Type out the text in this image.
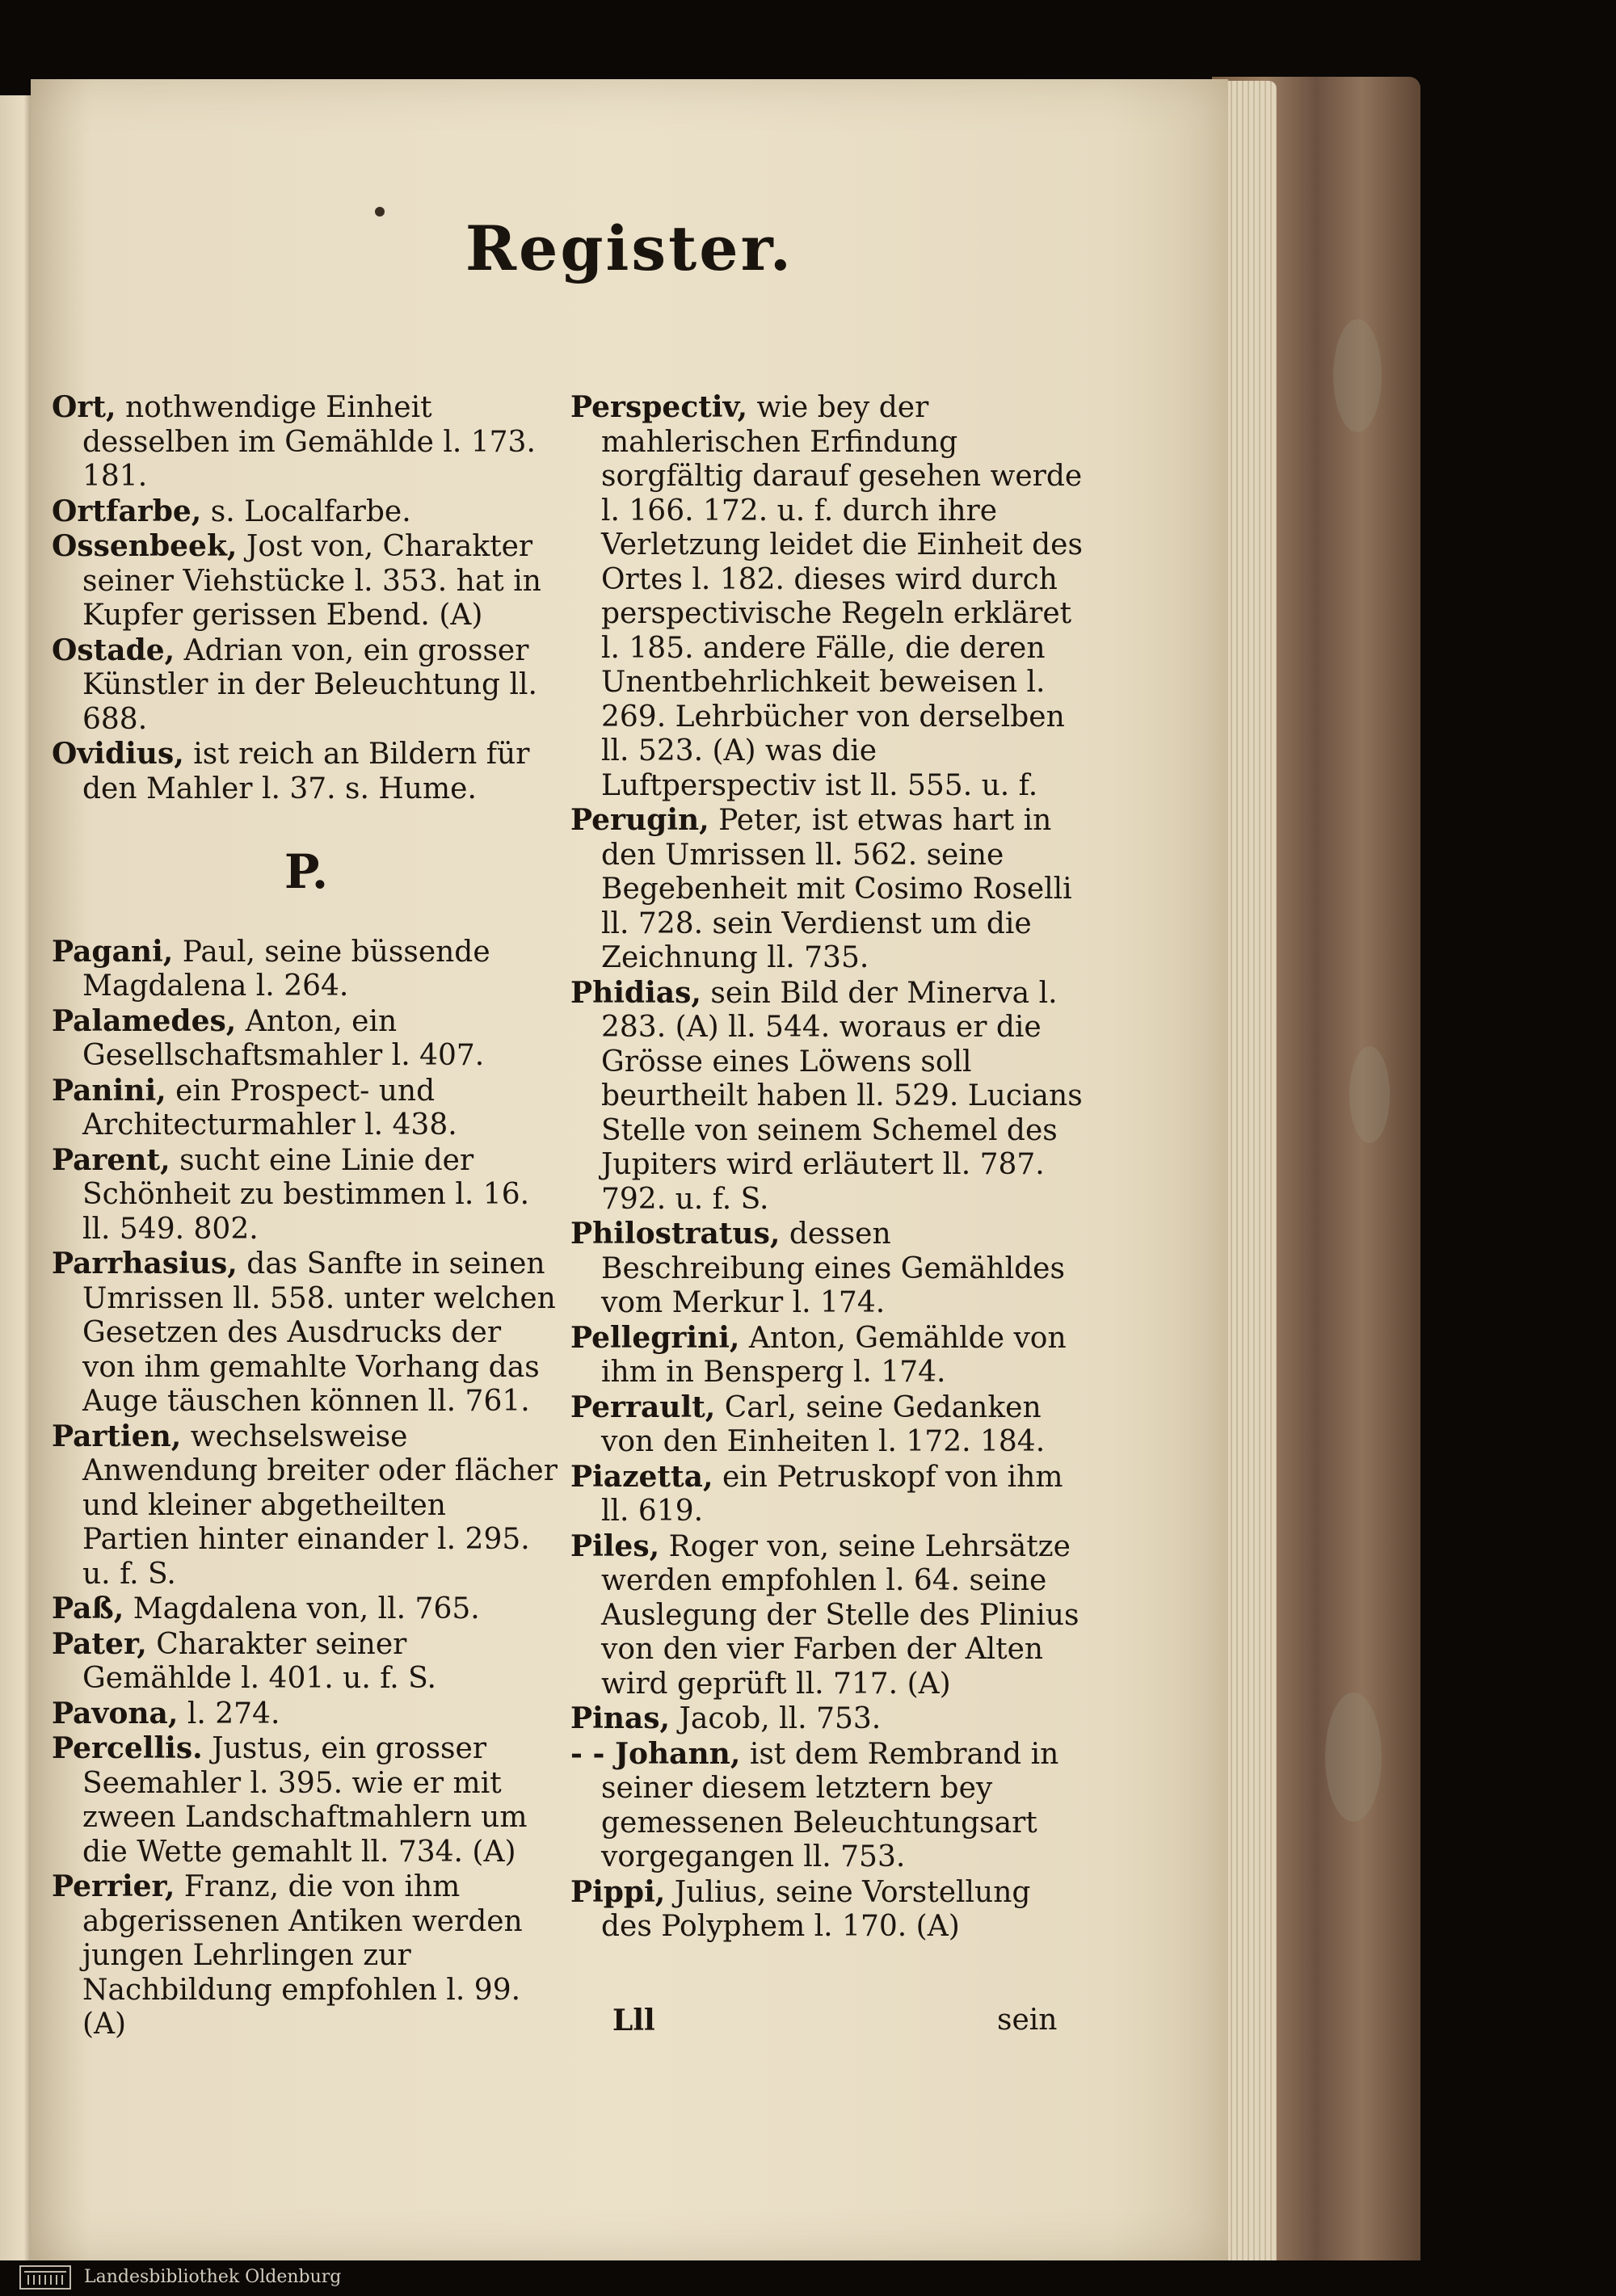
Register.

Ort, nothwendige Einheit desselben im Gemählde l. 173. 181.

Ortfarbe, s. Localfarbe.

Ossenbeek, Jost von, Charakter seiner Viehstücke l. 353. hat in Kupfer gerissen Ebend. (A)

Ostade, Adrian von, ein grosser Künstler in der Beleuchtung ll. 688.

Ovidius, ist reich an Bildern für den Mahler l. 37. s. Hume.

P.

Pagani, Paul, seine büssende Magdalena l. 264.

Palamedes, Anton, ein Gesellschaftsmahler l. 407.

Panini, ein Prospect- und Architecturmahler l. 438.

Parent, sucht eine Linie der Schönheit zu bestimmen l. 16. ll. 549. 802.

Parrhasius, das Sanfte in seinen Umrissen ll. 558. unter welchen Gesetzen des Ausdrucks der von ihm gemahlte Vorhang das Auge täuschen können ll. 761.

Partien, wechselsweise Anwendung breiter oder flächer und kleiner abgetheilten Partien hinter einander l. 295. u. f. S.

Paß, Magdalena von, ll. 765.

Pater, Charakter seiner Gemählde l. 401. u. f. S.

Pavona, l. 274.

Percellis. Justus, ein grosser Seemahler l. 395. wie er mit zween Landschaftmahlern um die Wette gemahlt ll. 734. (A)

Perrier, Franz, die von ihm abgerissenen Antiken werden jungen Lehrlingen zur Nachbildung empfohlen l. 99. (A)

Perspectiv, wie bey der mahlerischen Erfindung sorgfältig darauf gesehen werde l. 166. 172. u. f. durch ihre Verletzung leidet die Einheit des Ortes l. 182. dieses wird durch perspectivische Regeln erkläret l. 185. andere Fälle, die deren Unentbehrlichkeit beweisen l. 269. Lehrbücher von derselben ll. 523. (A) was die Luftperspectiv ist ll. 555. u. f.

Perugin, Peter, ist etwas hart in den Umrissen ll. 562. seine Begebenheit mit Cosimo Roselli ll. 728. sein Verdienst um die Zeichnung ll. 735.

Phidias, sein Bild der Minerva l. 283. (A) ll. 544. woraus er die Grösse eines Löwens soll beurtheilt haben ll. 529. Lucians Stelle von seinem Schemel des Jupiters wird erläutert ll. 787. 792. u. f. S.

Philostratus, dessen Beschreibung eines Gemähldes vom Merkur l. 174.

Pellegrini, Anton, Gemählde von ihm in Bensperg l. 174.

Perrault, Carl, seine Gedanken von den Einheiten l. 172. 184.

Piazetta, ein Petruskopf von ihm ll. 619.

Piles, Roger von, seine Lehrsätze werden empfohlen l. 64. seine Auslegung der Stelle des Plinius von den vier Farben der Alten wird geprüft ll. 717. (A)

Pinas, Jacob, ll. 753.

- - Johann, ist dem Rembrand in seiner diesem letztern bey gemessenen Beleuchtungsart vorgegangen ll. 753.

Pippi, Julius, seine Vorstellung des Polyphem l. 170. (A)

Lll	sein
Landesbibliothek Oldenburg
